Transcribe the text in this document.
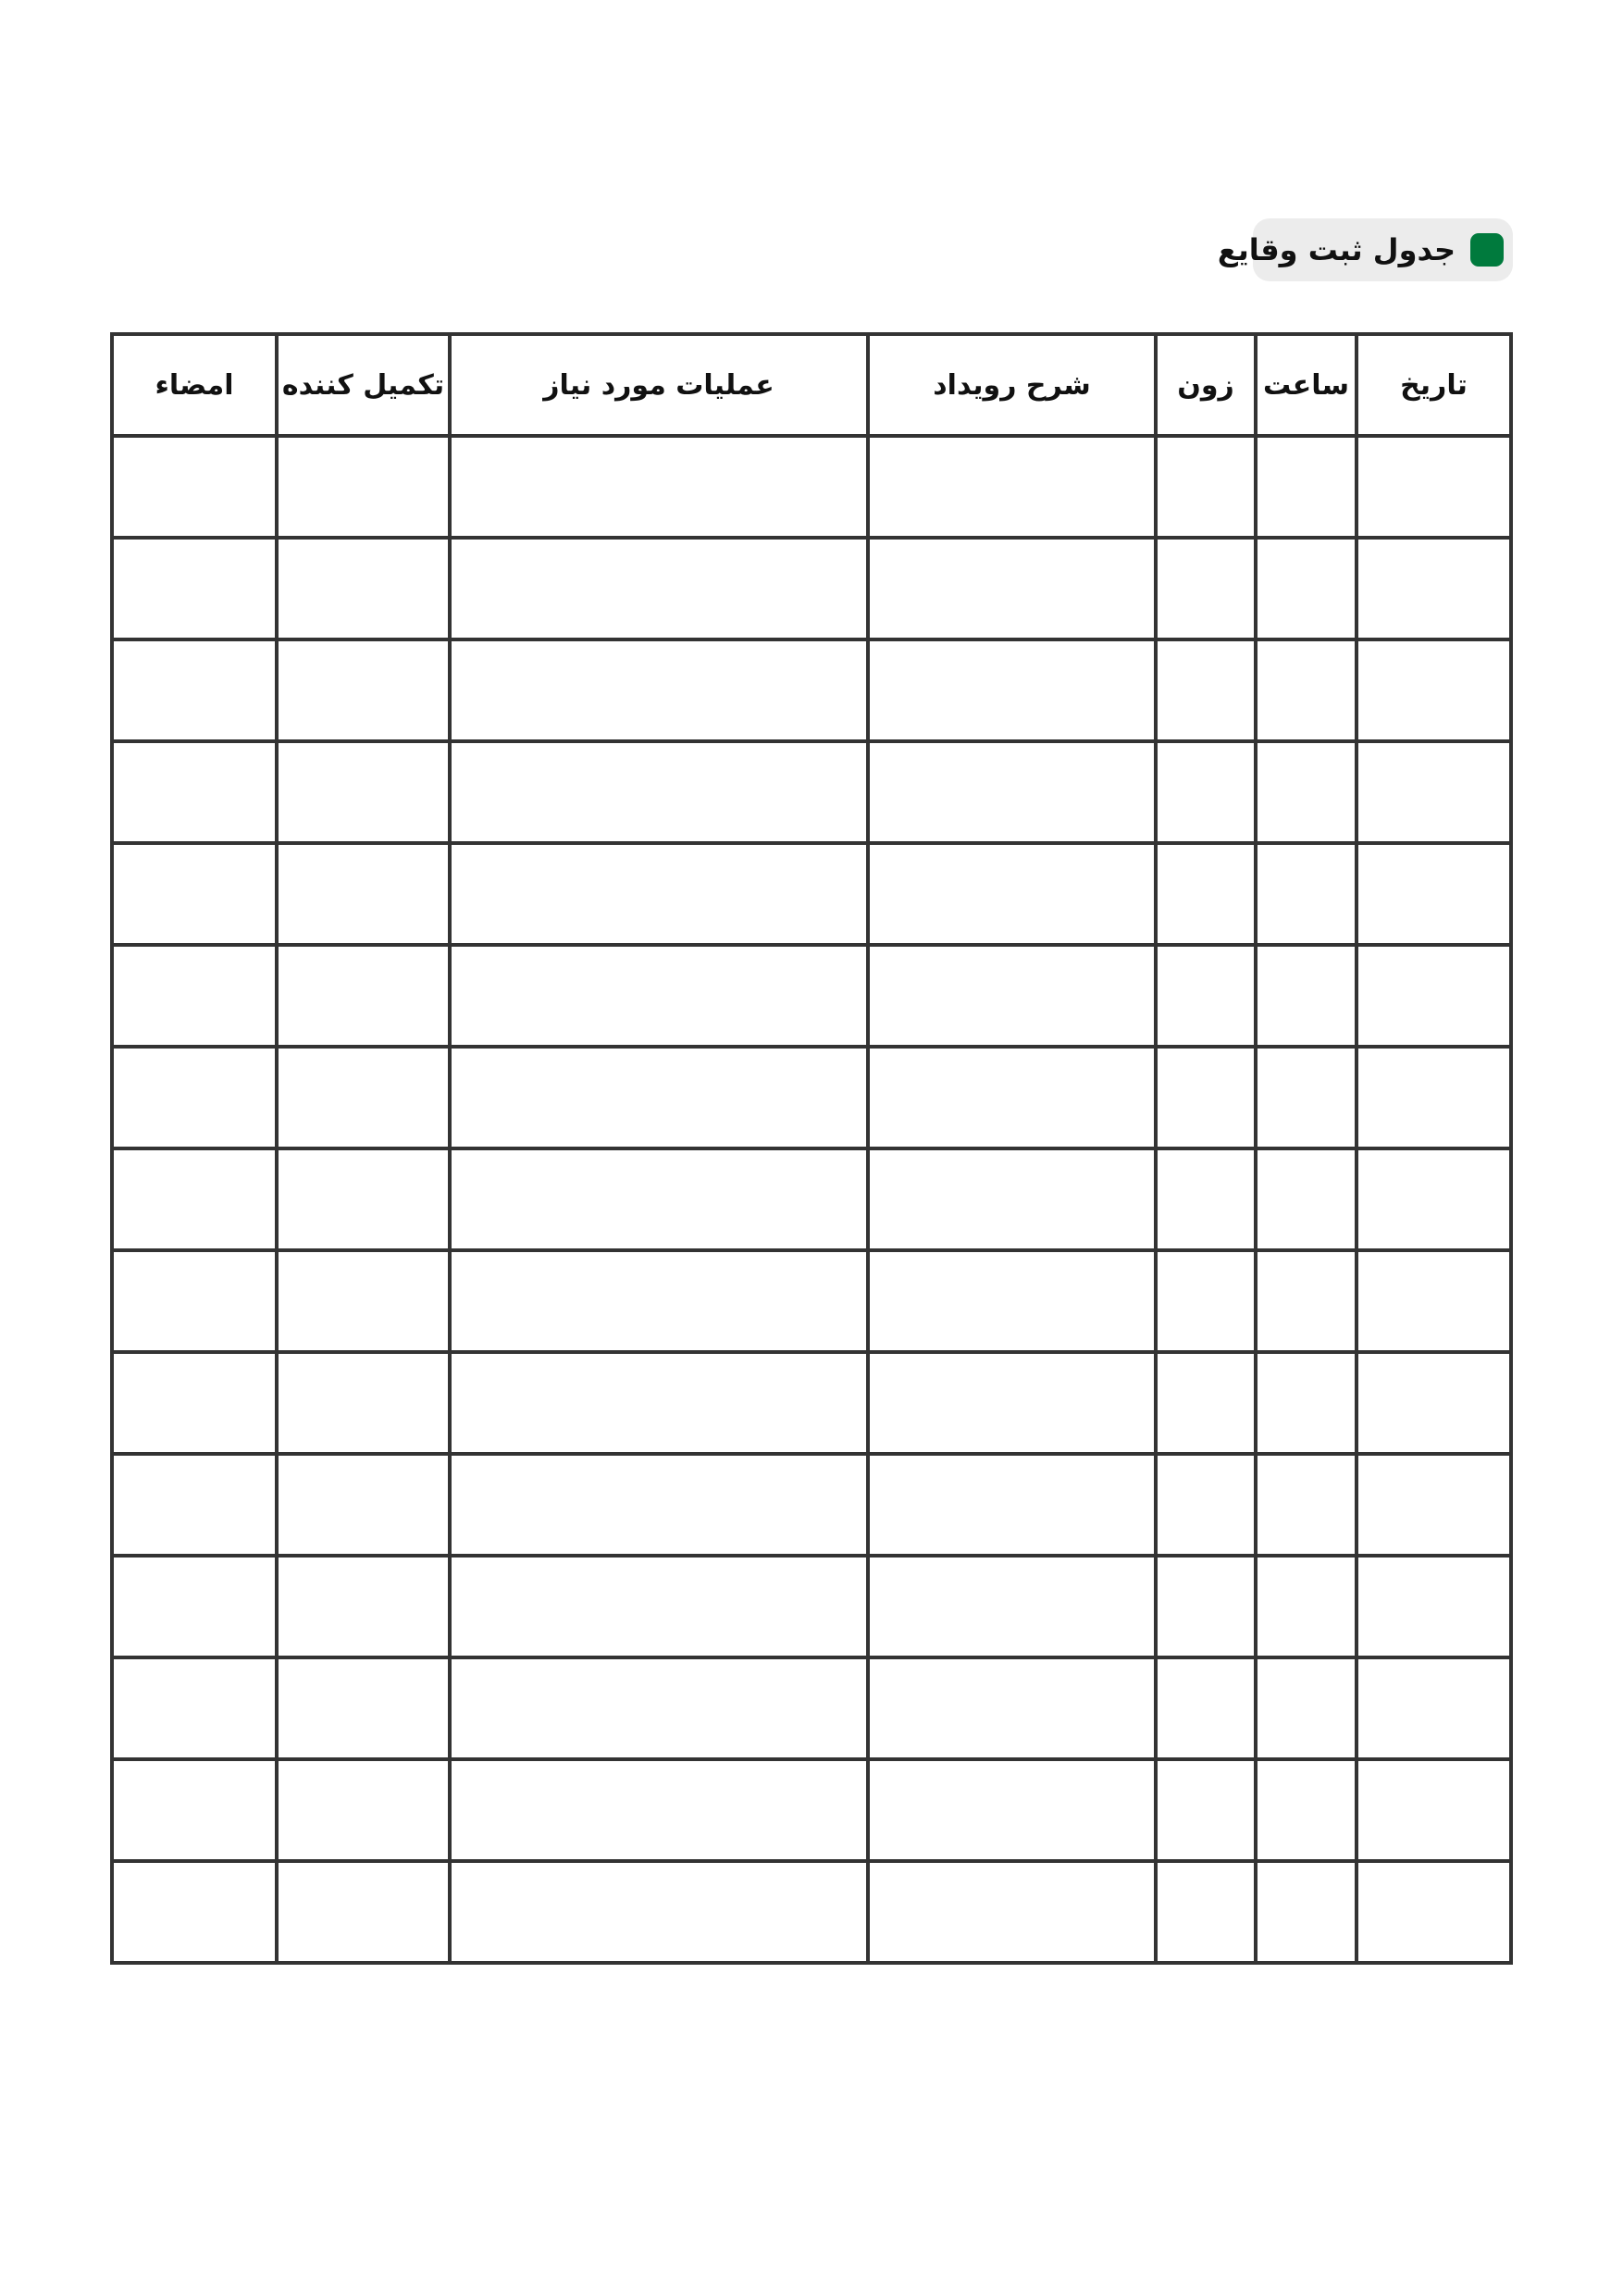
جدول ثبت وقایع
تاریخ	ساعت	زون	شرح رویداد	عملیات مورد نیاز	تکمیل کننده	امضاء
